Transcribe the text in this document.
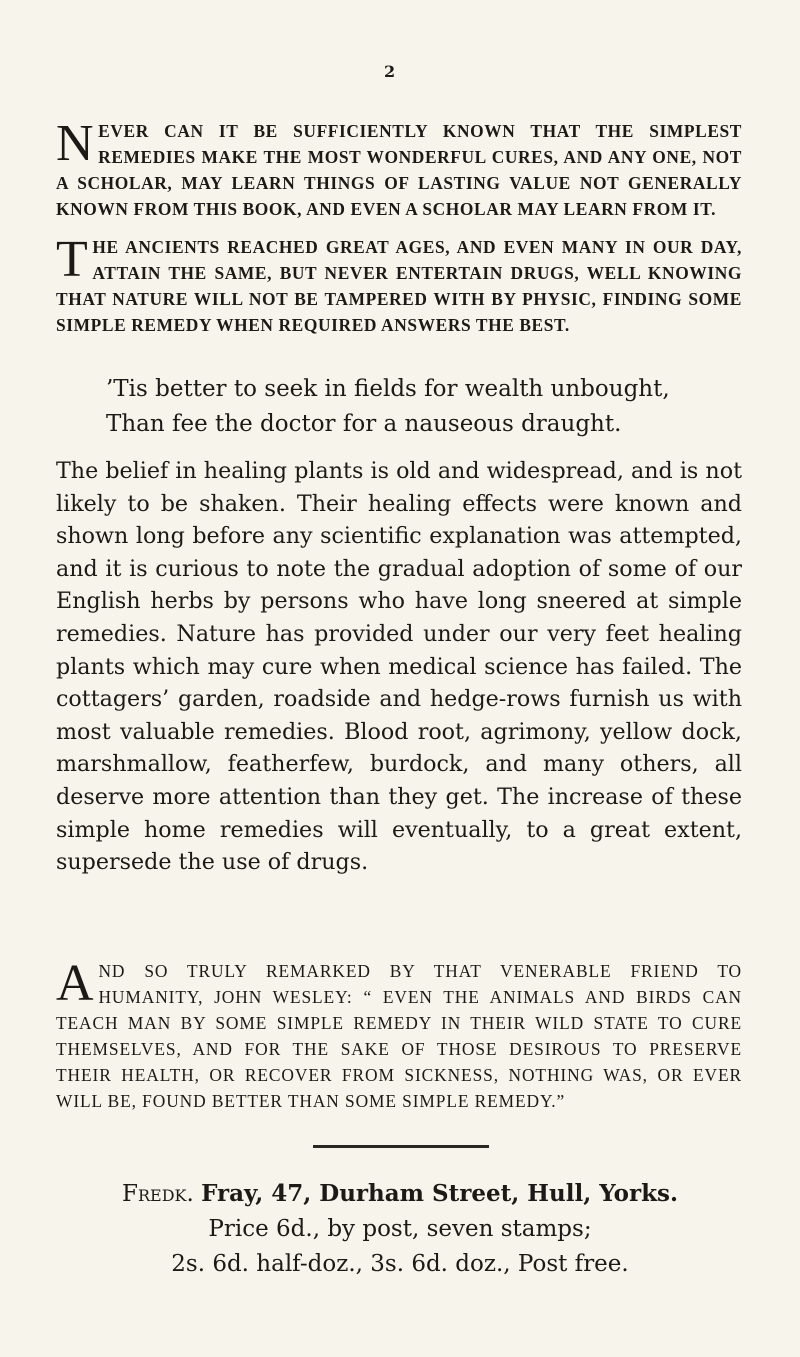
2

NEVER CAN IT BE SUFFICIENTLY KNOWN THAT THE SIMPLEST REMEDIES MAKE THE MOST WONDERFUL CURES, AND ANY ONE, NOT A SCHOLAR, MAY LEARN THINGS OF LASTING VALUE NOT GENERALLY KNOWN FROM THIS BOOK, AND EVEN A SCHOLAR MAY LEARN FROM IT.

THE ANCIENTS REACHED GREAT AGES, AND EVEN MANY IN OUR DAY, ATTAIN THE SAME, BUT NEVER ENTERTAIN DRUGS, WELL KNOWING THAT NATURE WILL NOT BE TAMPERED WITH BY PHYSIC, FINDING SOME SIMPLE REMEDY WHEN REQUIRED ANSWERS THE BEST.

’Tis better to seek in fields for wealth unbought,
Than fee the doctor for a nauseous draught.

The belief in healing plants is old and widespread, and is not likely to be shaken. Their healing effects were known and shown long before any scientific explanation was attempted, and it is curious to note the gradual adoption of some of our English herbs by persons who have long sneered at simple remedies. Nature has provided under our very feet healing plants which may cure when medical science has failed. The cottagers’ garden, roadside and hedge-rows furnish us with most valuable remedies. Blood root, agrimony, yellow dock, marshmallow, featherfew, burdock, and many others, all deserve more attention than they get. The increase of these simple home remedies will eventually, to a great extent, supersede the use of drugs.

AND SO TRULY REMARKED BY THAT VENERABLE FRIEND TO HUMANITY, JOHN WESLEY: “ EVEN THE ANIMALS AND BIRDS CAN TEACH MAN BY SOME SIMPLE REMEDY IN THEIR WILD STATE TO CURE THEMSELVES, AND FOR THE SAKE OF THOSE DESIROUS TO PRESERVE THEIR HEALTH, OR RECOVER FROM SICKNESS, NOTHING WAS, OR EVER WILL BE, FOUND BETTER THAN SOME SIMPLE REMEDY.”

Fredk. Fray, 47, Durham Street, Hull, Yorks.
Price 6d., by post, seven stamps;
2s. 6d. half-doz., 3s. 6d. doz., Post free.
